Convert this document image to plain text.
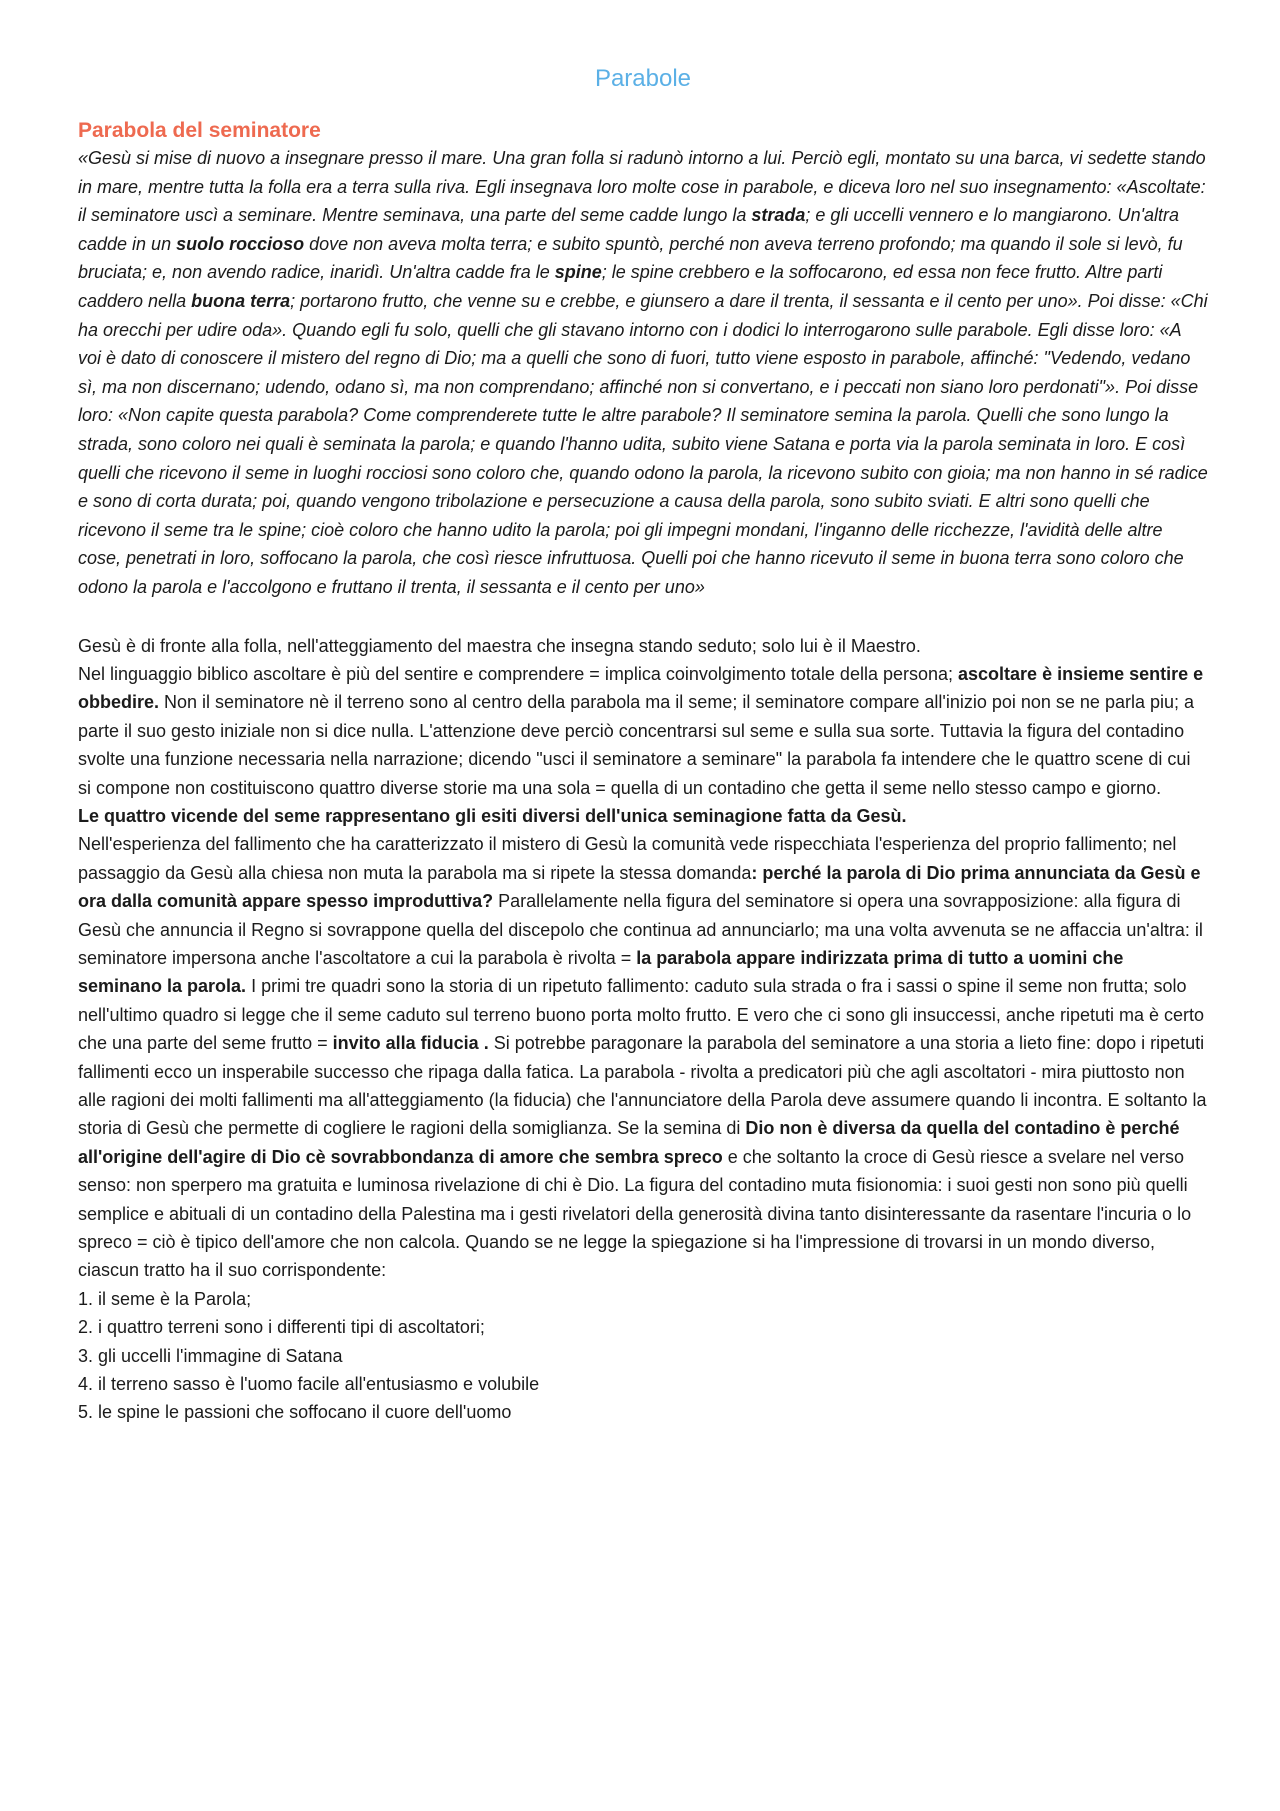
Parabole
Parabola del seminatore

«Gesù si mise di nuovo a insegnare presso il mare. Una gran folla si radunò intorno a lui. Perciò egli, montato su una barca, vi sedette stando in mare, mentre tutta la folla era a terra sulla riva. Egli insegnava loro molte cose in parabole, e diceva loro nel suo insegnamento: «Ascoltate: il seminatore uscì a seminare. Mentre seminava, una parte del seme cadde lungo la strada; e gli uccelli vennero e lo mangiarono. Un'altra cadde in un suolo roccioso dove non aveva molta terra; e subito spuntò, perché non aveva terreno profondo; ma quando il sole si levò, fu bruciata; e, non avendo radice, inaridì. Un'altra cadde fra le spine; le spine crebbero e la soffocarono, ed essa non fece frutto. Altre parti caddero nella buona terra; portarono frutto, che venne su e crebbe, e giunsero a dare il trenta, il sessanta e il cento per uno». Poi disse: «Chi ha orecchi per udire oda». Quando egli fu solo, quelli che gli stavano intorno con i dodici lo interrogarono sulle parabole. Egli disse loro: «A voi è dato di conoscere il mistero del regno di Dio; ma a quelli che sono di fuori, tutto viene esposto in parabole, affinché: "Vedendo, vedano sì, ma non discernano; udendo, odano sì, ma non comprendano; affinché non si convertano, e i peccati non siano loro perdonati"». Poi disse loro: «Non capite questa parabola? Come comprenderete tutte le altre parabole? Il seminatore semina la parola. Quelli che sono lungo la strada, sono coloro nei quali è seminata la parola; e quando l'hanno udita, subito viene Satana e porta via la parola seminata in loro. E così quelli che ricevono il seme in luoghi rocciosi sono coloro che, quando odono la parola, la ricevono subito con gioia; ma non hanno in sé radice e sono di corta durata; poi, quando vengono tribolazione e persecuzione a causa della parola, sono subito sviati. E altri sono quelli che ricevono il seme tra le spine; cioè coloro che hanno udito la parola; poi gli impegni mondani, l'inganno delle ricchezze, l'avidità delle altre cose, penetrati in loro, soffocano la parola, che così riesce infruttuosa. Quelli poi che hanno ricevuto il seme in buona terra sono coloro che odono la parola e l'accolgono e fruttano il trenta, il sessanta e il cento per uno»

Gesù è di fronte alla folla, nell'atteggiamento del maestra che insegna stando seduto; solo lui è il Maestro.

Nel linguaggio biblico ascoltare è più del sentire e comprendere = implica coinvolgimento totale della persona; ascoltare è insieme sentire e obbedire. Non il seminatore nè il terreno sono al centro della parabola ma il seme; il seminatore compare all'inizio poi non se ne parla piu; a parte il suo gesto iniziale non si dice nulla. L'attenzione deve perciò concentrarsi sul seme e sulla sua sorte. Tuttavia la figura del contadino svolte una funzione necessaria nella narrazione; dicendo "usci il seminatore a seminare" la parabola fa intendere che le quattro scene di cui si compone non costituiscono quattro diverse storie ma una sola = quella di un contadino che getta il seme nello stesso campo e giorno.

Le quattro vicende del seme rappresentano gli esiti diversi dell'unica seminagione fatta da Gesù.

Nell'esperienza del fallimento che ha caratterizzato il mistero di Gesù la comunità vede rispecchiata l'esperienza del proprio fallimento; nel passaggio da Gesù alla chiesa non muta la parabola ma si ripete la stessa domanda: perché la parola di Dio prima annunciata da Gesù e ora dalla comunità appare spesso improduttiva? Parallelamente nella figura del seminatore si opera una sovrapposizione: alla figura di Gesù che annuncia il Regno si sovrappone quella del discepolo che continua ad annunciarlo; ma una volta avvenuta se ne affaccia un'altra: il seminatore impersona anche l'ascoltatore a cui la parabola è rivolta = la parabola appare indirizzata prima di tutto a uomini che seminano la parola. I primi tre quadri sono la storia di un ripetuto fallimento: caduto sula strada o fra i sassi o spine il seme non frutta; solo nell'ultimo quadro si legge che il seme caduto sul terreno buono porta molto frutto. E vero che ci sono gli insuccessi, anche ripetuti ma è certo che una parte del seme frutto = invito alla fiducia . Si potrebbe paragonare la parabola del seminatore a una storia a lieto fine: dopo i ripetuti fallimenti ecco un insperabile successo che ripaga dalla fatica. La parabola - rivolta a predicatori più che agli ascoltatori - mira piuttosto non alle ragioni dei molti fallimenti ma all'atteggiamento (la fiducia) che l'annunciatore della Parola deve assumere quando li incontra. E soltanto la storia di Gesù che permette di cogliere le ragioni della somiglianza. Se la semina di Dio non è diversa da quella del contadino è perché all'origine dell'agire di Dio cè sovrabbondanza di amore che sembra spreco e che soltanto la croce di Gesù riesce a svelare nel verso senso: non sperpero ma gratuita e luminosa rivelazione di chi è Dio. La figura del contadino muta fisionomia: i suoi gesti non sono più quelli semplice e abituali di un contadino della Palestina ma i gesti rivelatori della generosità divina tanto disinteressante da rasentare l'incuria o lo spreco = ciò è tipico dell'amore che non calcola. Quando se ne legge la spiegazione si ha l'impressione di trovarsi in un mondo diverso, ciascun tratto ha il suo corrispondente:

1. il seme è la Parola;
2. i quattro terreni sono i differenti tipi di ascoltatori;
3. gli uccelli l'immagine di Satana
4. il terreno sasso è l'uomo facile all'entusiasmo e volubile
5. le spine le passioni che soffocano il cuore dell'uomo
